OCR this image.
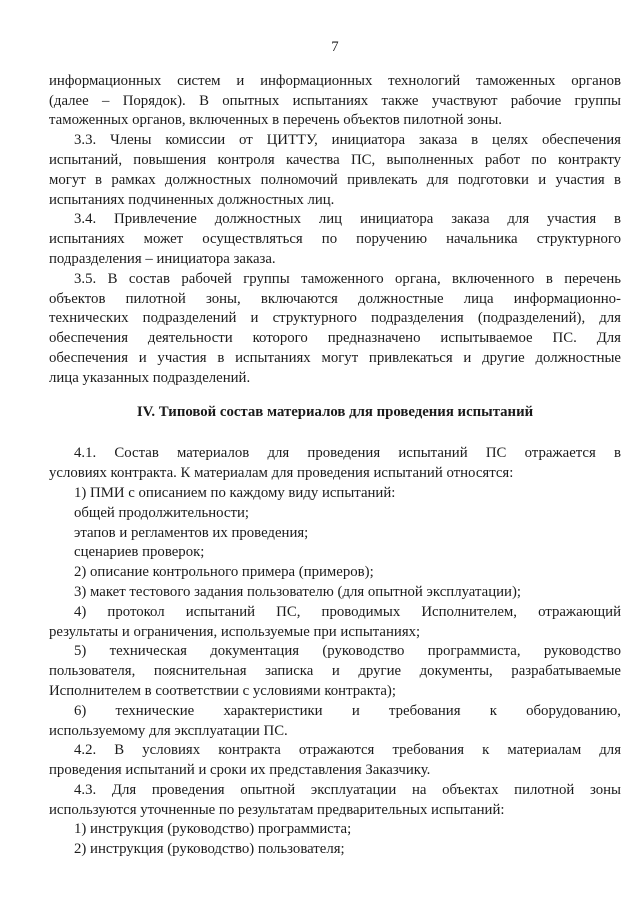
7
информационных систем и информационных технологий таможенных органов
(далее – Порядок). В опытных испытаниях также участвуют рабочие группы
таможенных органов, включенных в перечень объектов пилотной зоны.
3.3. Члены комиссии от ЦИТТУ, инициатора заказа в целях обеспечения
испытаний, повышения контроля качества ПС, выполненных работ по контракту
могут в рамках должностных полномочий привлекать для подготовки и участия в
испытаниях подчиненных должностных лиц.
3.4. Привлечение должностных лиц инициатора заказа для участия в
испытаниях может осуществляться по поручению начальника структурного
подразделения – инициатора заказа.
3.5. В состав рабочей группы таможенного органа, включенного в перечень
объектов пилотной зоны, включаются должностные лица информационно-
технических подразделений и структурного подразделения (подразделений), для
обеспечения деятельности которого предназначено испытываемое ПС. Для
обеспечения и участия в испытаниях могут привлекаться и другие должностные
лица указанных подразделений.
IV. Типовой состав материалов для проведения испытаний
4.1. Состав материалов для проведения испытаний ПС отражается в
условиях контракта. К материалам для проведения испытаний относятся:
1) ПМИ с описанием по каждому виду испытаний:
общей продолжительности;
этапов и регламентов их проведения;
сценариев проверок;
2) описание контрольного примера (примеров);
3) макет тестового задания пользователю (для опытной эксплуатации);
4) протокол испытаний ПС, проводимых Исполнителем, отражающий
результаты и ограничения, используемые при испытаниях;
5) техническая документация (руководство программиста, руководство
пользователя, пояснительная записка и другие документы, разрабатываемые
Исполнителем в соответствии с условиями контракта);
6) технические характеристики и требования к оборудованию,
используемому для эксплуатации ПС.
4.2. В условиях контракта отражаются требования к материалам для
проведения испытаний и сроки их представления Заказчику.
4.3. Для проведения опытной эксплуатации на объектах пилотной зоны
используются уточненные по результатам предварительных испытаний:
1) инструкция (руководство) программиста;
2) инструкция (руководство) пользователя;
